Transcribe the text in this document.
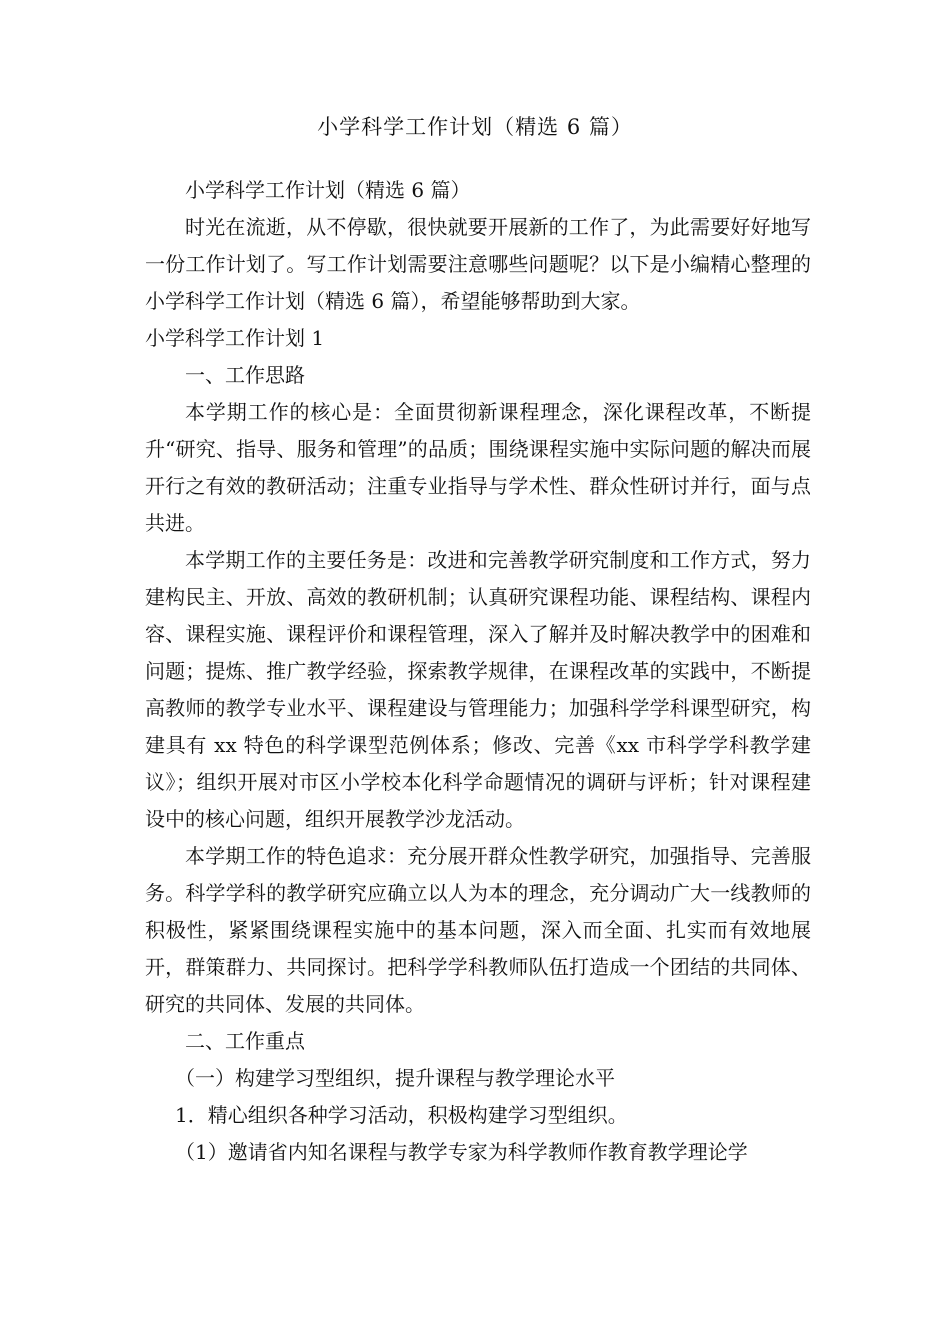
小学科学工作计划（精选 6 篇）

小学科学工作计划（精选 6 篇）

时光在流逝，从不停歇，很快就要开展新的工作了，为此需要好好地写一份工作计划了。写工作计划需要注意哪些问题呢？以下是小编精心整理的小学科学工作计划（精选 6 篇），希望能够帮助到大家。

小学科学工作计划 1

一、工作思路

本学期工作的核心是：全面贯彻新课程理念，深化课程改革，不断提升“研究、指导、服务和管理”的品质；围绕课程实施中实际问题的解决而展开行之有效的教研活动；注重专业指导与学术性、群众性研讨并行，面与点共进。

本学期工作的主要任务是：改进和完善教学研究制度和工作方式，努力建构民主、开放、高效的教研机制；认真研究课程功能、课程结构、课程内容、课程实施、课程评价和课程管理，深入了解并及时解决教学中的困难和问题；提炼、推广教学经验，探索教学规律，在课程改革的实践中，不断提高教师的教学专业水平、课程建设与管理能力；加强科学学科课型研究，构建具有 xx 特色的科学课型范例体系；修改、完善《xx 市科学学科教学建议》；组织开展对市区小学校本化科学命题情况的调研与评析；针对课程建设中的核心问题，组织开展教学沙龙活动。

本学期工作的特色追求：充分展开群众性教学研究，加强指导、完善服务。科学学科的教学研究应确立以人为本的理念，充分调动广大一线教师的积极性，紧紧围绕课程实施中的基本问题，深入而全面、扎实而有效地展开，群策群力、共同探讨。把科学学科教师队伍打造成一个团结的共同体、研究的共同体、发展的共同体。

二、工作重点

（一）构建学习型组织，提升课程与教学理论水平

1．精心组织各种学习活动，积极构建学习型组织。

（1）邀请省内知名课程与教学专家为科学教师作教育教学理论学
